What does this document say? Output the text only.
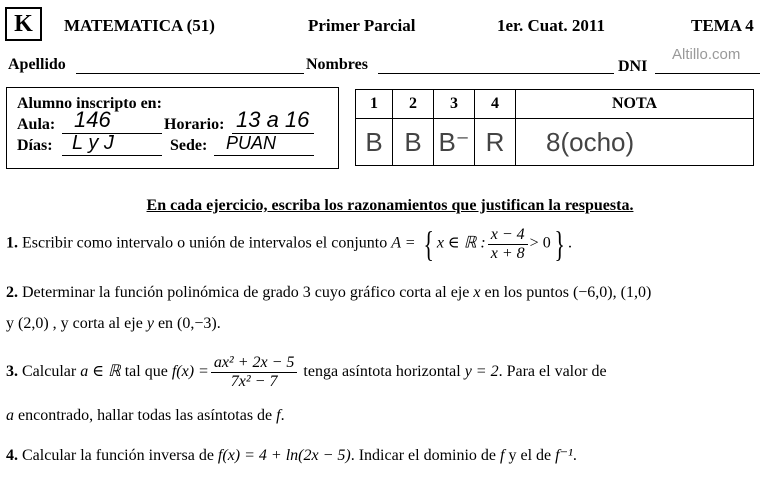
K	MATEMATICA (51)	Primer Parcial	1er. Cuat. 2011	TEMA 4
Altillo.com
Apellido	Nombres	DNI
Alumno inscripto en:
Aula: 146	Horario: 13 a 16
Días: L y J	Sede: PUAN
1	2	3	4	NOTA
B	B	B⁻	R	8(ocho)
En cada ejercicio, escriba los razonamientos que justifican la respuesta.
1. Escribir como intervalo o unión de intervalos el conjunto A = { x ∈ ℝ : $\frac{x - 4}{x + 8} > 0$} .
2. Determinar la función polinómica de grado 3 cuyo gráfico corta al eje x en los puntos (−6,0), (1,0)
y (2,0) , y corta al eje y en (0,−3).
3. Calcular a ∈ ℝ tal que $f(x) = \frac{\text{ax² + 2x − 5}}{\text{7x² − 7}}$ tenga asíntota horizontal y = 2. Para el valor de
a encontrado, hallar todas las asíntotas de f.
4. Calcular la función inversa de f(x) = 4 + ln(2x − 5). Indicar el dominio de f y el de f⁻¹.
